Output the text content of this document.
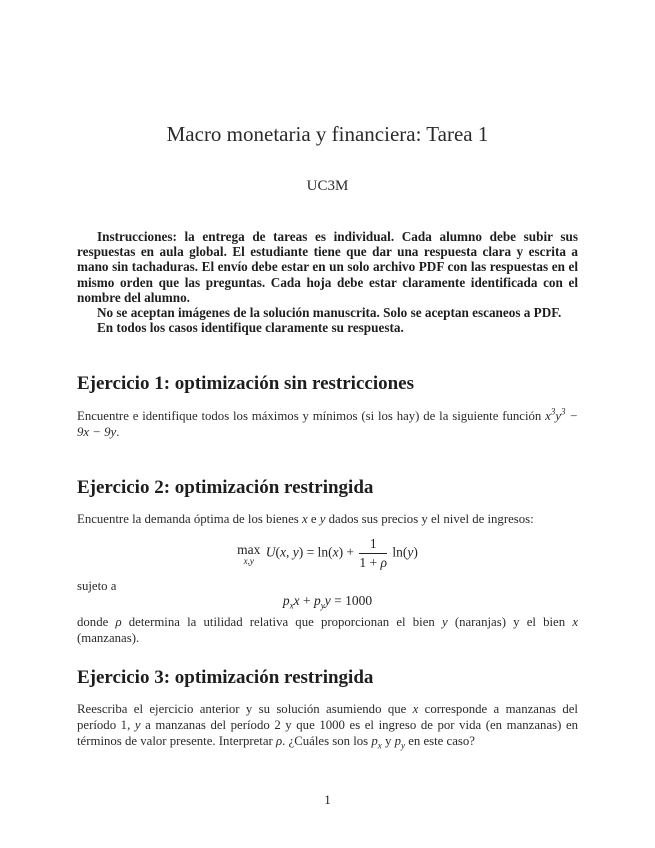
Macro monetaria y financiera: Tarea 1
UC3M

Instrucciones: la entrega de tareas es individual. Cada alumno debe subir sus respuestas en aula global. El estudiante tiene que dar una respuesta clara y escrita a mano sin tachaduras. El envío debe estar en un solo archivo PDF con las respuestas en el mismo orden que las preguntas. Cada hoja debe estar claramente identificada con el nombre del alumno.

No se aceptan imágenes de la solución manuscrita. Solo se aceptan escaneos a PDF.

En todos los casos identifique claramente su respuesta.

Ejercicio 1: optimización sin restricciones

Encuentre e identifique todos los máximos y mínimos (si los hay) de la siguiente función $x^3y^3 - 9x - 9y$.

Ejercicio 2: optimización restringida

Encuentre la demanda óptima de los bienes x e y dados sus precios y el nivel de ingresos:

max
x,y
U(x, $y) = \ln(x) + \frac{1}{1 + \rho} \ln(y)$

sujeto a

$p_xx + p_yy = 1000$

donde ρ determina la utilidad relativa que proporcionan el bien y (naranjas) y el bien x (manzanas).

Ejercicio 3: optimización restringida

Reescriba el ejercicio anterior y su solución asumiendo que x corresponde a manzanas del período 1, y a manzanas del período 2 y que 1000 es el ingreso de por vida (en manzanas) en términos de valor presente. Interpretar ρ. ¿Cuáles son los $p_x$ y $p_y$ en este caso?

1
